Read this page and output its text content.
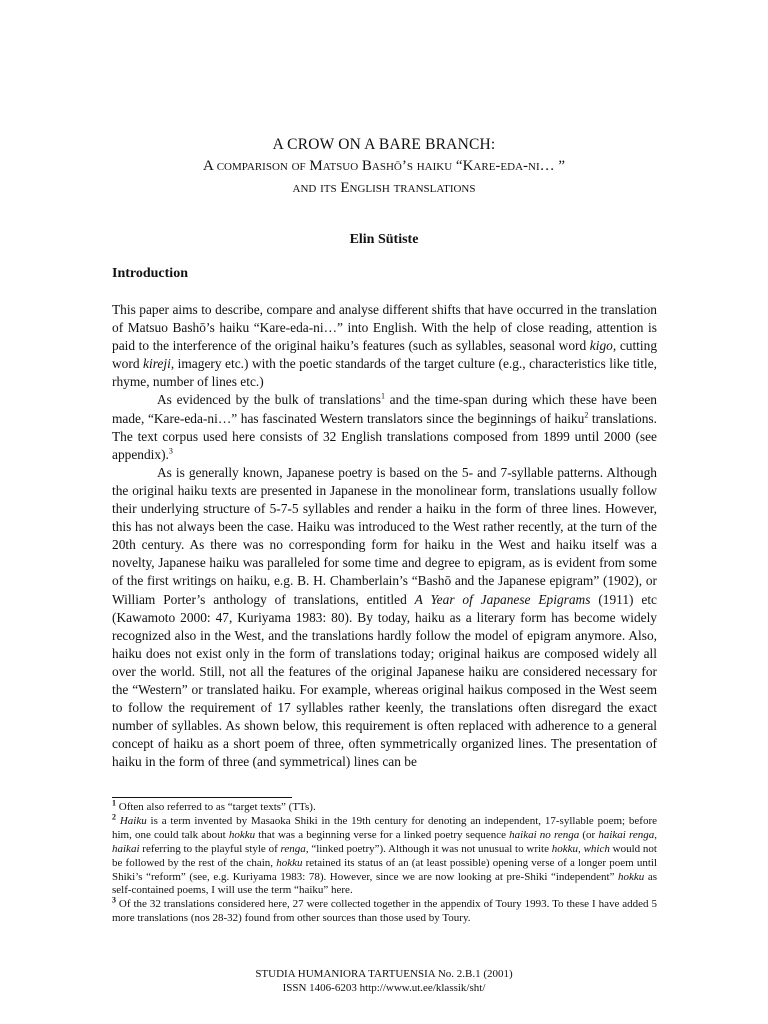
A CROW ON A BARE BRANCH:
A comparison of Matsuo Bashō’s haiku “Kare-eda-ni… ”
and its English translations
Elin Sütiste
Introduction

This paper aims to describe, compare and analyse different shifts that have occurred in the translation of Matsuo Bashō’s haiku “Kare-eda-ni…” into English. With the help of close reading, attention is paid to the interference of the original haiku’s features (such as syllables, seasonal word kigo, cutting word kireji, imagery etc.) with the poetic standards of the target culture (e.g., characteristics like title, rhyme, number of lines etc.)

As evidenced by the bulk of translations$^1$ and the time-span during which these have been made, “Kare-eda-ni…” has fascinated Western translators since the beginnings of haiku$^2$ translations. The text corpus used here consists of 32 English translations composed from 1899 until 2000 (see appendix).$^3$

As is generally known, Japanese poetry is based on the 5- and 7-syllable patterns. Although the original haiku texts are presented in Japanese in the monolinear form, translations usually follow their underlying structure of 5-7-5 syllables and render a haiku in the form of three lines. However, this has not always been the case. Haiku was introduced to the West rather recently, at the turn of the 20th century. As there was no corresponding form for haiku in the West and haiku itself was a novelty, Japanese haiku was paralleled for some time and degree to epigram, as is evident from some of the first writings on haiku, e.g. B. H. Chamberlain’s “Bashō and the Japanese epigram” (1902), or William Porter’s anthology of translations, entitled A Year of Japanese Epigrams (1911) etc (Kawamoto 2000: 47, Kuriyama 1983: 80). By today, haiku as a literary form has become widely recognized also in the West, and the translations hardly follow the model of epigram anymore. Also, haiku does not exist only in the form of translations today; original haikus are composed widely all over the world. Still, not all the features of the original Japanese haiku are considered necessary for the “Western” or translated haiku. For example, whereas original haikus composed in the West seem to follow the requirement of 17 syllables rather keenly, the translations often disregard the exact number of syllables. As shown below, this requirement is often replaced with adherence to a general concept of haiku as a short poem of three, often symmetrically organized lines. The presentation of haiku in the form of three (and symmetrical) lines can be

$^1$ Often also referred to as “target texts” (TTs).

$^2$ Haiku is a term invented by Masaoka Shiki in the 19th century for denoting an independent, 17-syllable poem; before him, one could talk about hokku that was a beginning verse for a linked poetry sequence haikai no renga (or haikai renga, haikai referring to the playful style of renga, “linked poetry”). Although it was not unusual to write hokku, which would not be followed by the rest of the chain, hokku retained its status of an (at least possible) opening verse of a longer poem until Shiki’s “reform” (see, e.g. Kuriyama 1983: 78). However, since we are now looking at pre-Shiki “independent” hokku as self-contained poems, I will use the term “haiku” here.

$^3$ Of the 32 translations considered here, 27 were collected together in the appendix of Toury 1993. To these I have added 5 more translations (nos 28-32) found from other sources than those used by Toury.

STUDIA HUMANIORA TARTUENSIA No. 2.B.1 (2001)
ISSN 1406-6203 http://www.ut.ee/klassik/sht/
